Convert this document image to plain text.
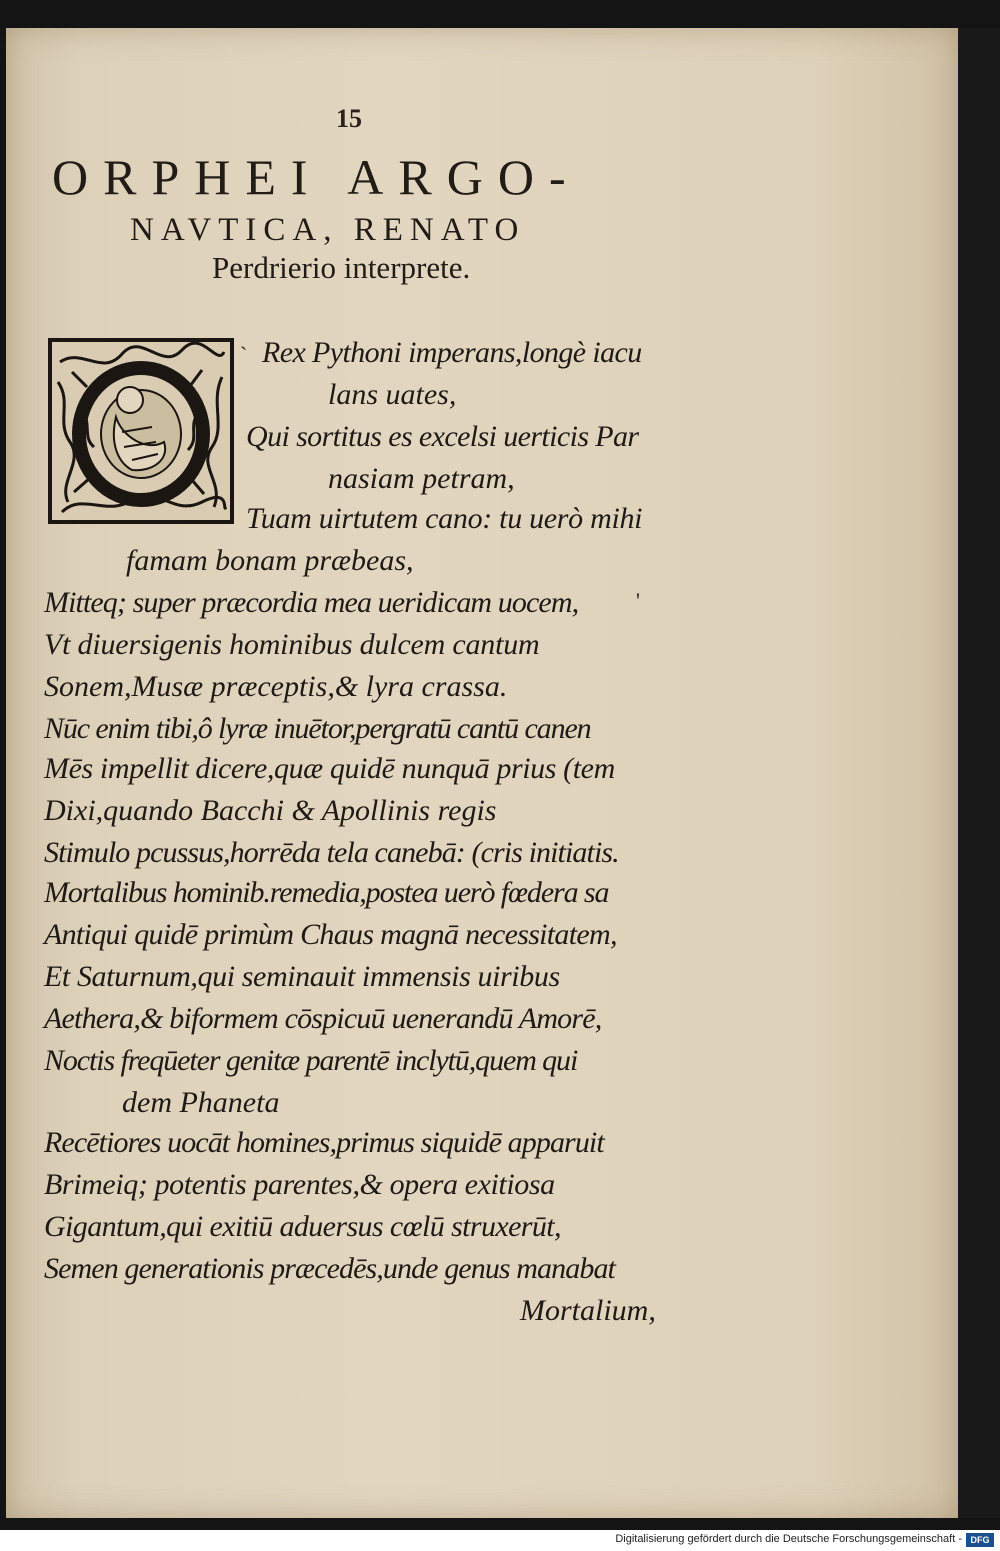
15
ORPHEI ARGO-
NAVTICA, RENATO
Perdrierio interprete.
`
'
Rex Pythoni imperans,longè iacu
lans uates,
Qui sortitus es excelsi uerticis Par
nasiam petram,
Tuam uirtutem cano: tu uerò mihi
famam bonam præbeas,
Mitteq; super præcordia mea ueridicam uocem,
Vt diuersigenis hominibus dulcem cantum
Sonem,Musæ præceptis,& lyra crassa.
Nūc enim tibi,ô lyræ inuētor,pergratū cantū canen
Mēs impellit dicere,quæ quidē nunquā prius (tem
Dixi,quando Bacchi & Apollinis regis
Stimulo pcussus,horrēda tela canebā: (cris initiatis.
Mortalibus hominib.remedia,postea uerò fœdera sa
Antiqui quidē primùm Chaus magnā necessitatem,
Et Saturnum,qui seminauit immensis uiribus
Aethera,& biformem cōspicuū uenerandū Amorē,
Noctis freqūeter genitæ parentē inclytū,quem qui
dem Phaneta
Recētiores uocāt homines,primus siquidē apparuit
Brimeiq; potentis parentes,& opera exitiosa
Gigantum,qui exitiū aduersus cœlū struxerūt,
Semen generationis præcedēs,unde genus manabat
Mortalium,
Digitalisierung gefördert durch die Deutsche Forschungsgemeinschaft - DFG
